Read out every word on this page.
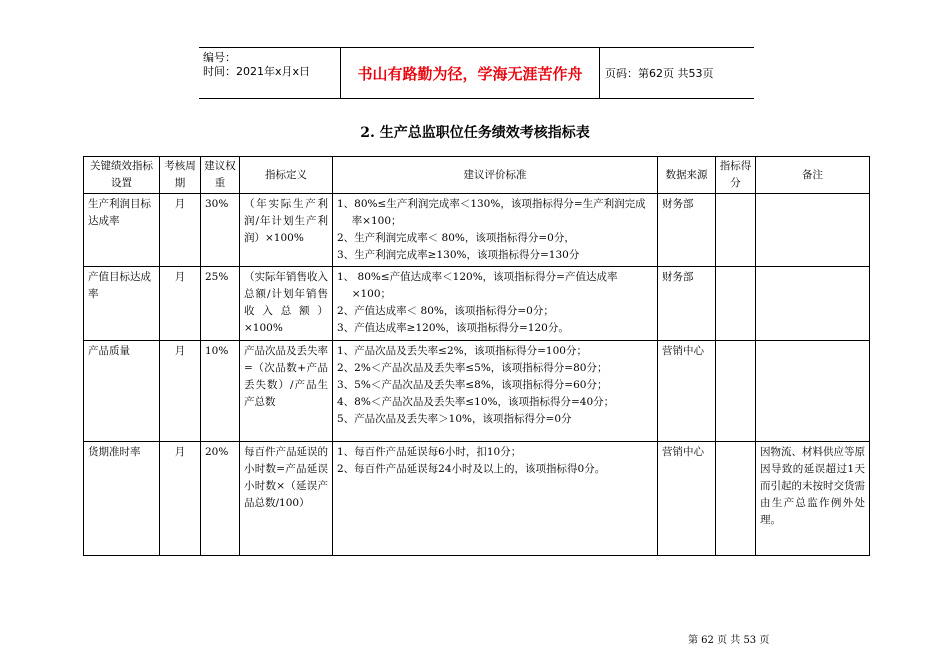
编号：
时间：2021年x月x日	书山有路勤为径，学海无涯苦作舟	页码：第62页 共53页
2. 生产总监职位任务绩效考核指标表
关键绩效指标设置	考核周期	建议权重	指标定义	建议评价标准	数据来源	指标得分	备注
生产利润目标达成率	月	30%	（年实际生产利润/年计划生产利润）×100%	1、80%≤生产利润完成率＜130%，该项指标得分=生产利润完成率×100；
2、生产利润完成率＜ 80%，该项指标得分=0分，
3、生产利润完成率≥130%，该项指标得分=130分	财务部		
产值目标达成率	月	25%	（实际年销售收入总额/计划年销售收入总额）×100%	1、 80%≤产值达成率＜120%，该项指标得分=产值达成率×100；
2、产值达成率＜ 80%，该项指标得分=0分；
3、产值达成率≥120%，该项指标得分=120分。	财务部		
产品质量	月	10%	产品次品及丢失率=（次品数+产品丢失数）/产品生产总数	1、产品次品及丢失率≤2%，该项指标得分=100分；
2、2%＜产品次品及丢失率≤5%，该项指标得分=80分；
3、5%＜产品次品及丢失率≤8%，该项指标得分=60分；
4、8%＜产品次品及丢失率≤10%，该项指标得分=40分；
5、产品次品及丢失率＞10%，该项指标得分=0分	营销中心		
货期准时率	月	20%	每百件产品延误的小时数=产品延误小时数×（延误产品总数/100）	1、每百件产品延误每6小时，扣10分；
2、每百件产品延误每24小时及以上的，该项指标得0分。	营销中心		因物流、材料供应等原因导致的延误超过1天而引起的未按时交货需由生产总监作例外处理。
第 62 页 共 53 页
